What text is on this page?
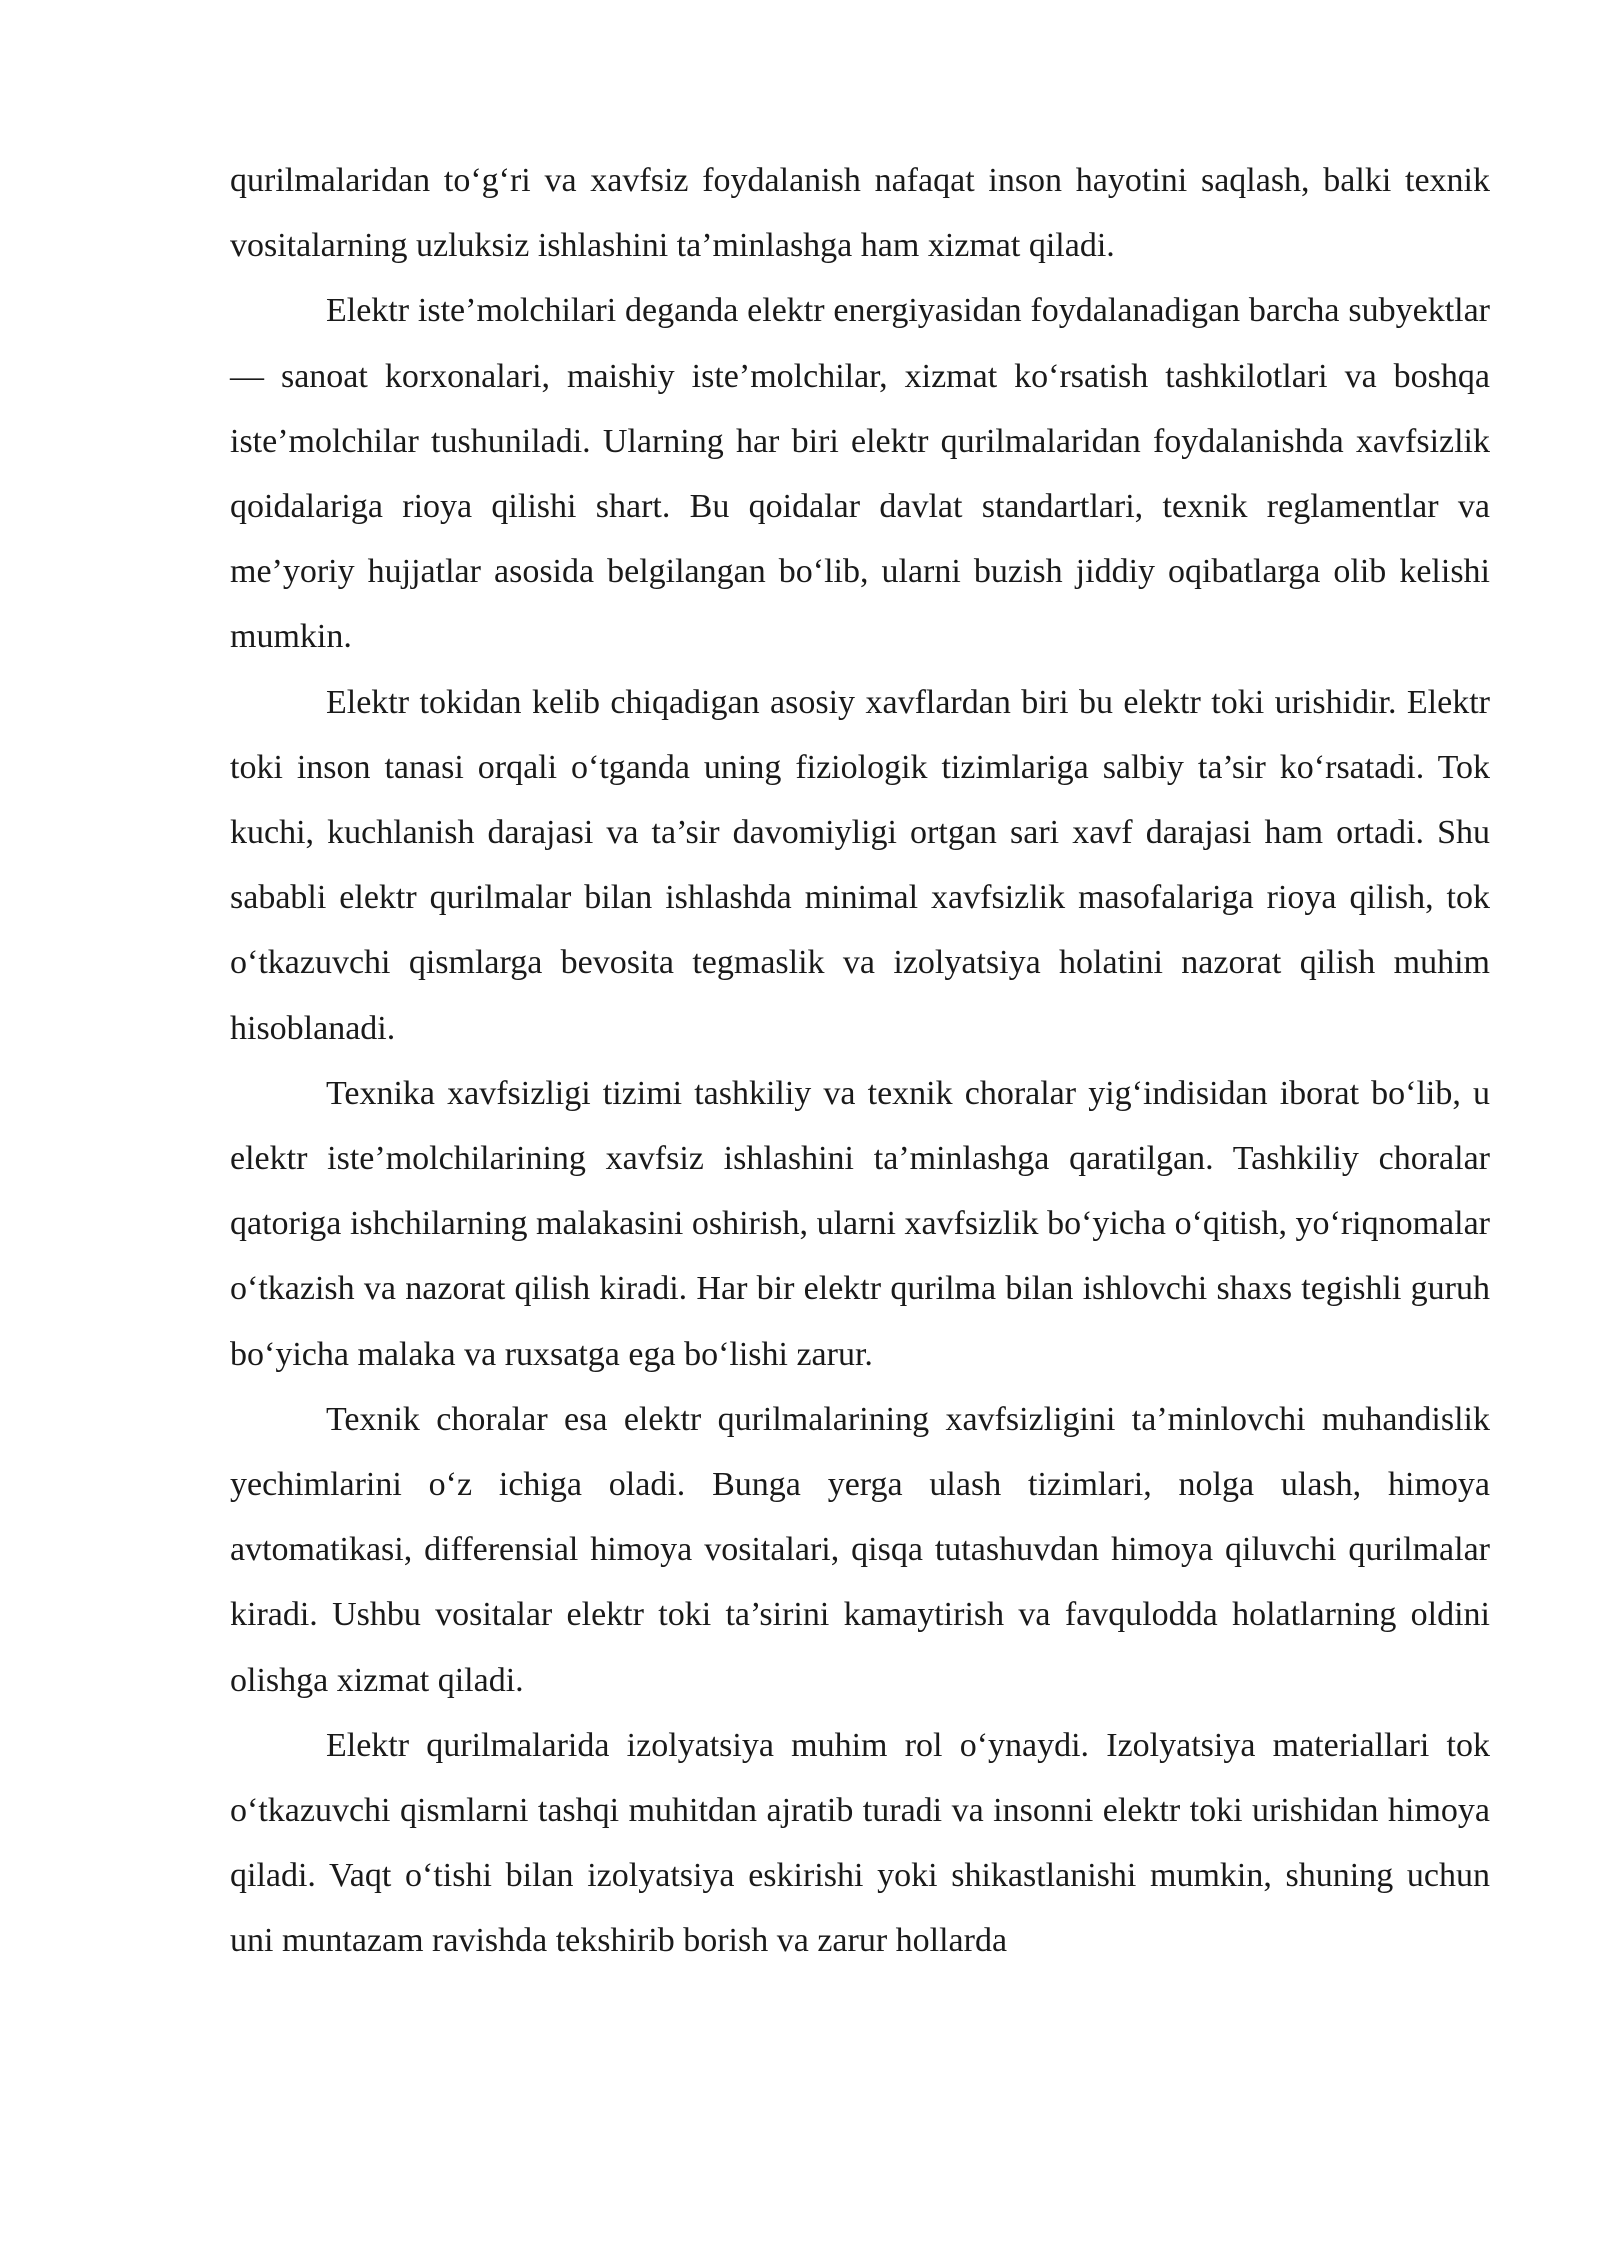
qurilmalaridan to‘g‘ri va xavfsiz foydalanish nafaqat inson hayotini saqlash, balki texnik vositalarning uzluksiz ishlashini ta’minlashga ham xizmat qiladi.

Elektr iste’molchilari deganda elektr energiyasidan foydalanadigan barcha subyektlar — sanoat korxonalari, maishiy iste’molchilar, xizmat ko‘rsatish tashkilotlari va boshqa iste’molchilar tushuniladi. Ularning har biri elektr qurilmalaridan foydalanishda xavfsizlik qoidalariga rioya qilishi shart. Bu qoidalar davlat standartlari, texnik reglamentlar va me’yoriy hujjatlar asosida belgilangan bo‘lib, ularni buzish jiddiy oqibatlarga olib kelishi mumkin.

Elektr tokidan kelib chiqadigan asosiy xavflardan biri bu elektr toki urishidir. Elektr toki inson tanasi orqali o‘tganda uning fiziologik tizimlariga salbiy ta’sir ko‘rsatadi. Tok kuchi, kuchlanish darajasi va ta’sir davomiyligi ortgan sari xavf darajasi ham ortadi. Shu sababli elektr qurilmalar bilan ishlashda minimal xavfsizlik masofalariga rioya qilish, tok o‘tkazuvchi qismlarga bevosita tegmaslik va izolyatsiya holatini nazorat qilish muhim hisoblanadi.

Texnika xavfsizligi tizimi tashkiliy va texnik choralar yig‘indisidan iborat bo‘lib, u elektr iste’molchilarining xavfsiz ishlashini ta’minlashga qaratilgan. Tashkiliy choralar qatoriga ishchilarning malakasini oshirish, ularni xavfsizlik bo‘yicha o‘qitish, yo‘riqnomalar o‘tkazish va nazorat qilish kiradi. Har bir elektr qurilma bilan ishlovchi shaxs tegishli guruh bo‘yicha malaka va ruxsatga ega bo‘lishi zarur.

Texnik choralar esa elektr qurilmalarining xavfsizligini ta’minlovchi muhandislik yechimlarini o‘z ichiga oladi. Bunga yerga ulash tizimlari, nolga ulash, himoya avtomatikasi, differensial himoya vositalari, qisqa tutashuvdan himoya qiluvchi qurilmalar kiradi. Ushbu vositalar elektr toki ta’sirini kamaytirish va favqulodda holatlarning oldini olishga xizmat qiladi.

Elektr qurilmalarida izolyatsiya muhim rol o‘ynaydi. Izolyatsiya materiallari tok o‘tkazuvchi qismlarni tashqi muhitdan ajratib turadi va insonni elektr toki urishidan himoya qiladi. Vaqt o‘tishi bilan izolyatsiya eskirishi yoki shikastlanishi mumkin, shuning uchun uni muntazam ravishda tekshirib borish va zarur hollarda
